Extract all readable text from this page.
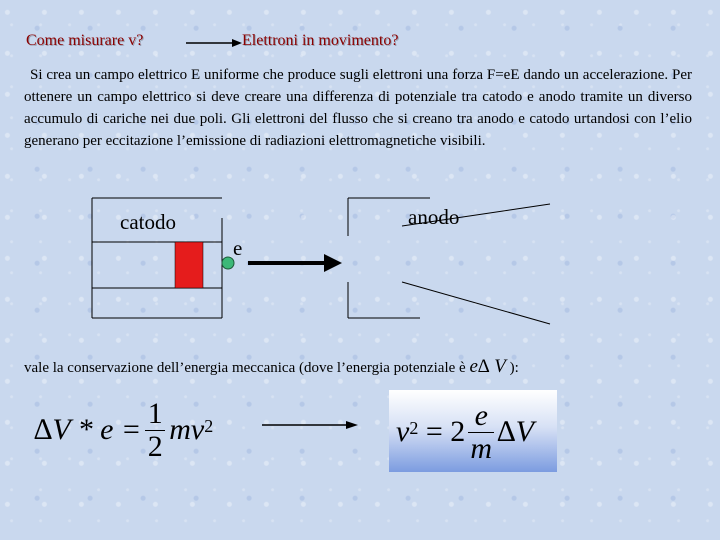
Come misurare v?	Elettroni in movimento?
Si crea un campo elettrico E uniforme che produce sugli elettroni una forza F=eE dando un accelerazione. Per ottenere un campo elettrico si deve creare una differenza di potenziale tra catodo e anodo tramite un diverso accumulo di cariche nei due poli. Gli elettroni del flusso che si creano tra anodo e catodo urtandosi con l’elio generano per eccitazione l’emissione di radiazioni elettromagnetiche visibili.
catodo	anodo
e
vale la conservazione dell’energia meccanica (dove l’energia potenziale è e∆ V ):
∆V * e = 1
2 $mv^2$	$v^2 = 2$ e
m ∆V
